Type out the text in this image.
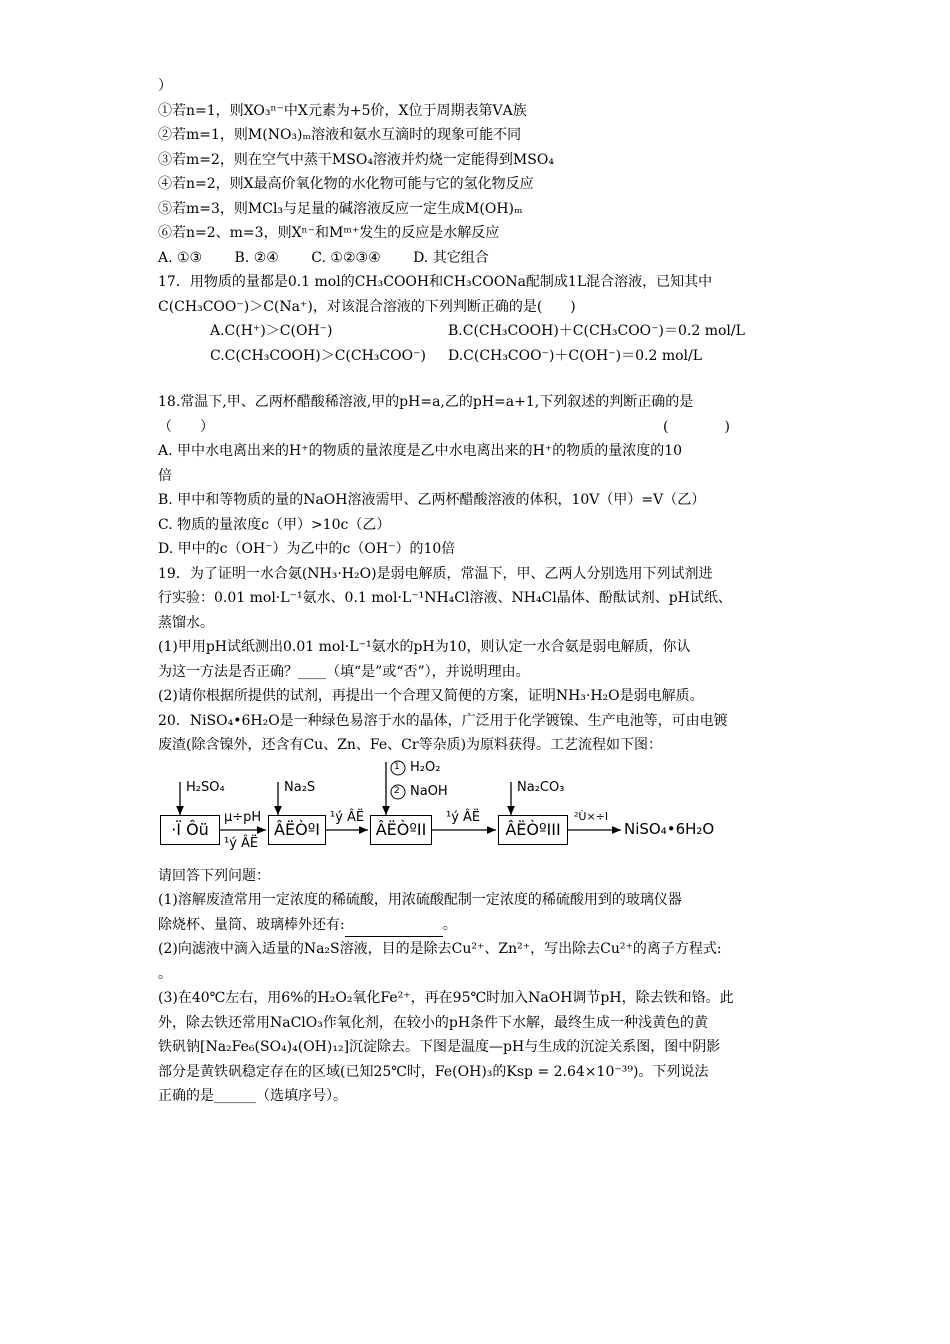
）
①若n=1，则XO₃ⁿ⁻中X元素为+5价，X位于周期表第ⅤA族
②若m=1，则M(NO₃)ₘ溶液和氨水互滴时的现象可能不同
③若m=2，则在空气中蒸干MSO₄溶液并灼烧一定能得到MSO₄
④若n=2，则X最高价氧化物的水化物可能与它的氢化物反应
⑤若m=3，则MCl₃与足量的碱溶液反应一定生成M(OH)ₘ
⑥若n=2、m=3，则Xⁿ⁻和Mᵐ⁺发生的反应是水解反应
A. ①③　　 B. ②④　　 C. ①②③④　　 D. 其它组合
17．用物质的量都是0.1 mol的CH₃COOH和CH₃COONa配制成1L混合溶液，已知其中
C(CH₃COO⁻)＞C(Na⁺)，对该混合溶液的下列判断正确的是(　　)
A.C(H⁺)＞C(OH⁻)	B.C(CH₃COOH)＋C(CH₃COO⁻)＝0.2 mol/L
C.C(CH₃COOH)＞C(CH₃COO⁻) D.C(CH₃COO⁻)＋C(OH⁻)＝0.2 mol/L
18.常温下,甲、乙两杯醋酸稀溶液,甲的pH=a,乙的pH=a+1,下列叙述的判断正确的是
（　　）	(　　　　)
A. 甲中水电离出来的H⁺的物质的量浓度是乙中水电离出来的H⁺的物质的量浓度的10
倍
B. 甲中和等物质的量的NaOH溶液需甲、乙两杯醋酸溶液的体积，10V（甲）=V（乙）
C. 物质的量浓度c（甲）>10c（乙）
D. 甲中的c（OH⁻）为乙中的c（OH⁻）的10倍
19．为了证明一水合氨(NH₃·H₂O)是弱电解质，常温下，甲、乙两人分别选用下列试剂进
行实验：0.01 mol·L⁻¹氨水、0.1 mol·L⁻¹NH₄Cl溶液、NH₄Cl晶体、酚酞试剂、pH试纸、
蒸馏水。
(1)甲用pH试纸测出0.01 mol·L⁻¹氨水的pH为10，则认定一水合氨是弱电解质，你认
为这一方法是否正确？____（填“是”或“否”），并说明理由。
(2)请你根据所提供的试剂，再提出一个合理又简便的方案，证明NH₃·H₂O是弱电解质。
20．NiSO₄•6H₂O是一种绿色易溶于水的晶体，广泛用于化学镀镍、生产电池等，可由电镀
废渣(除含镍外，还含有Cu、Zn、Fe、Cr等杂质)为原料获得。工艺流程如下图：
·Ï Ôü	ÂËÒºI	ÂËÒºII	ÂËÒºIII
H₂SO₄	Na₂S
1
2
H₂O₂
NaOH	Na₂CO₃
µ÷pH
¹ý ÂË
¹ý ÂË	¹ý ÂË	²Ù×÷I
NiSO₄•6H₂O
请回答下列问题：
(1)溶解废渣常用一定浓度的稀硫酸，用浓硫酸配制一定浓度的稀硫酸用到的玻璃仪器
除烧杯、量筒、玻璃棒外还有:	。
(2)向滤液中滴入适量的Na₂S溶液，目的是除去Cu²⁺、Zn²⁺，写出除去Cu²⁺的离子方程式:
。
(3)在40℃左右，用6%的H₂O₂氧化Fe²⁺，再在95℃时加入NaOH调节pH，除去铁和铬。此
外，除去铁还常用NaClO₃作氧化剂，在较小的pH条件下水解，最终生成一种浅黄色的黄
铁矾钠[Na₂Fe₆(SO₄)₄(OH)₁₂]沉淀除去。下图是温度—pH与生成的沉淀关系图，图中阴影
部分是黄铁矾稳定存在的区域(已知25℃时，Fe(OH)₃的Ksp = 2.64×10⁻³⁹)。下列说法
正确的是______（选填序号）。
